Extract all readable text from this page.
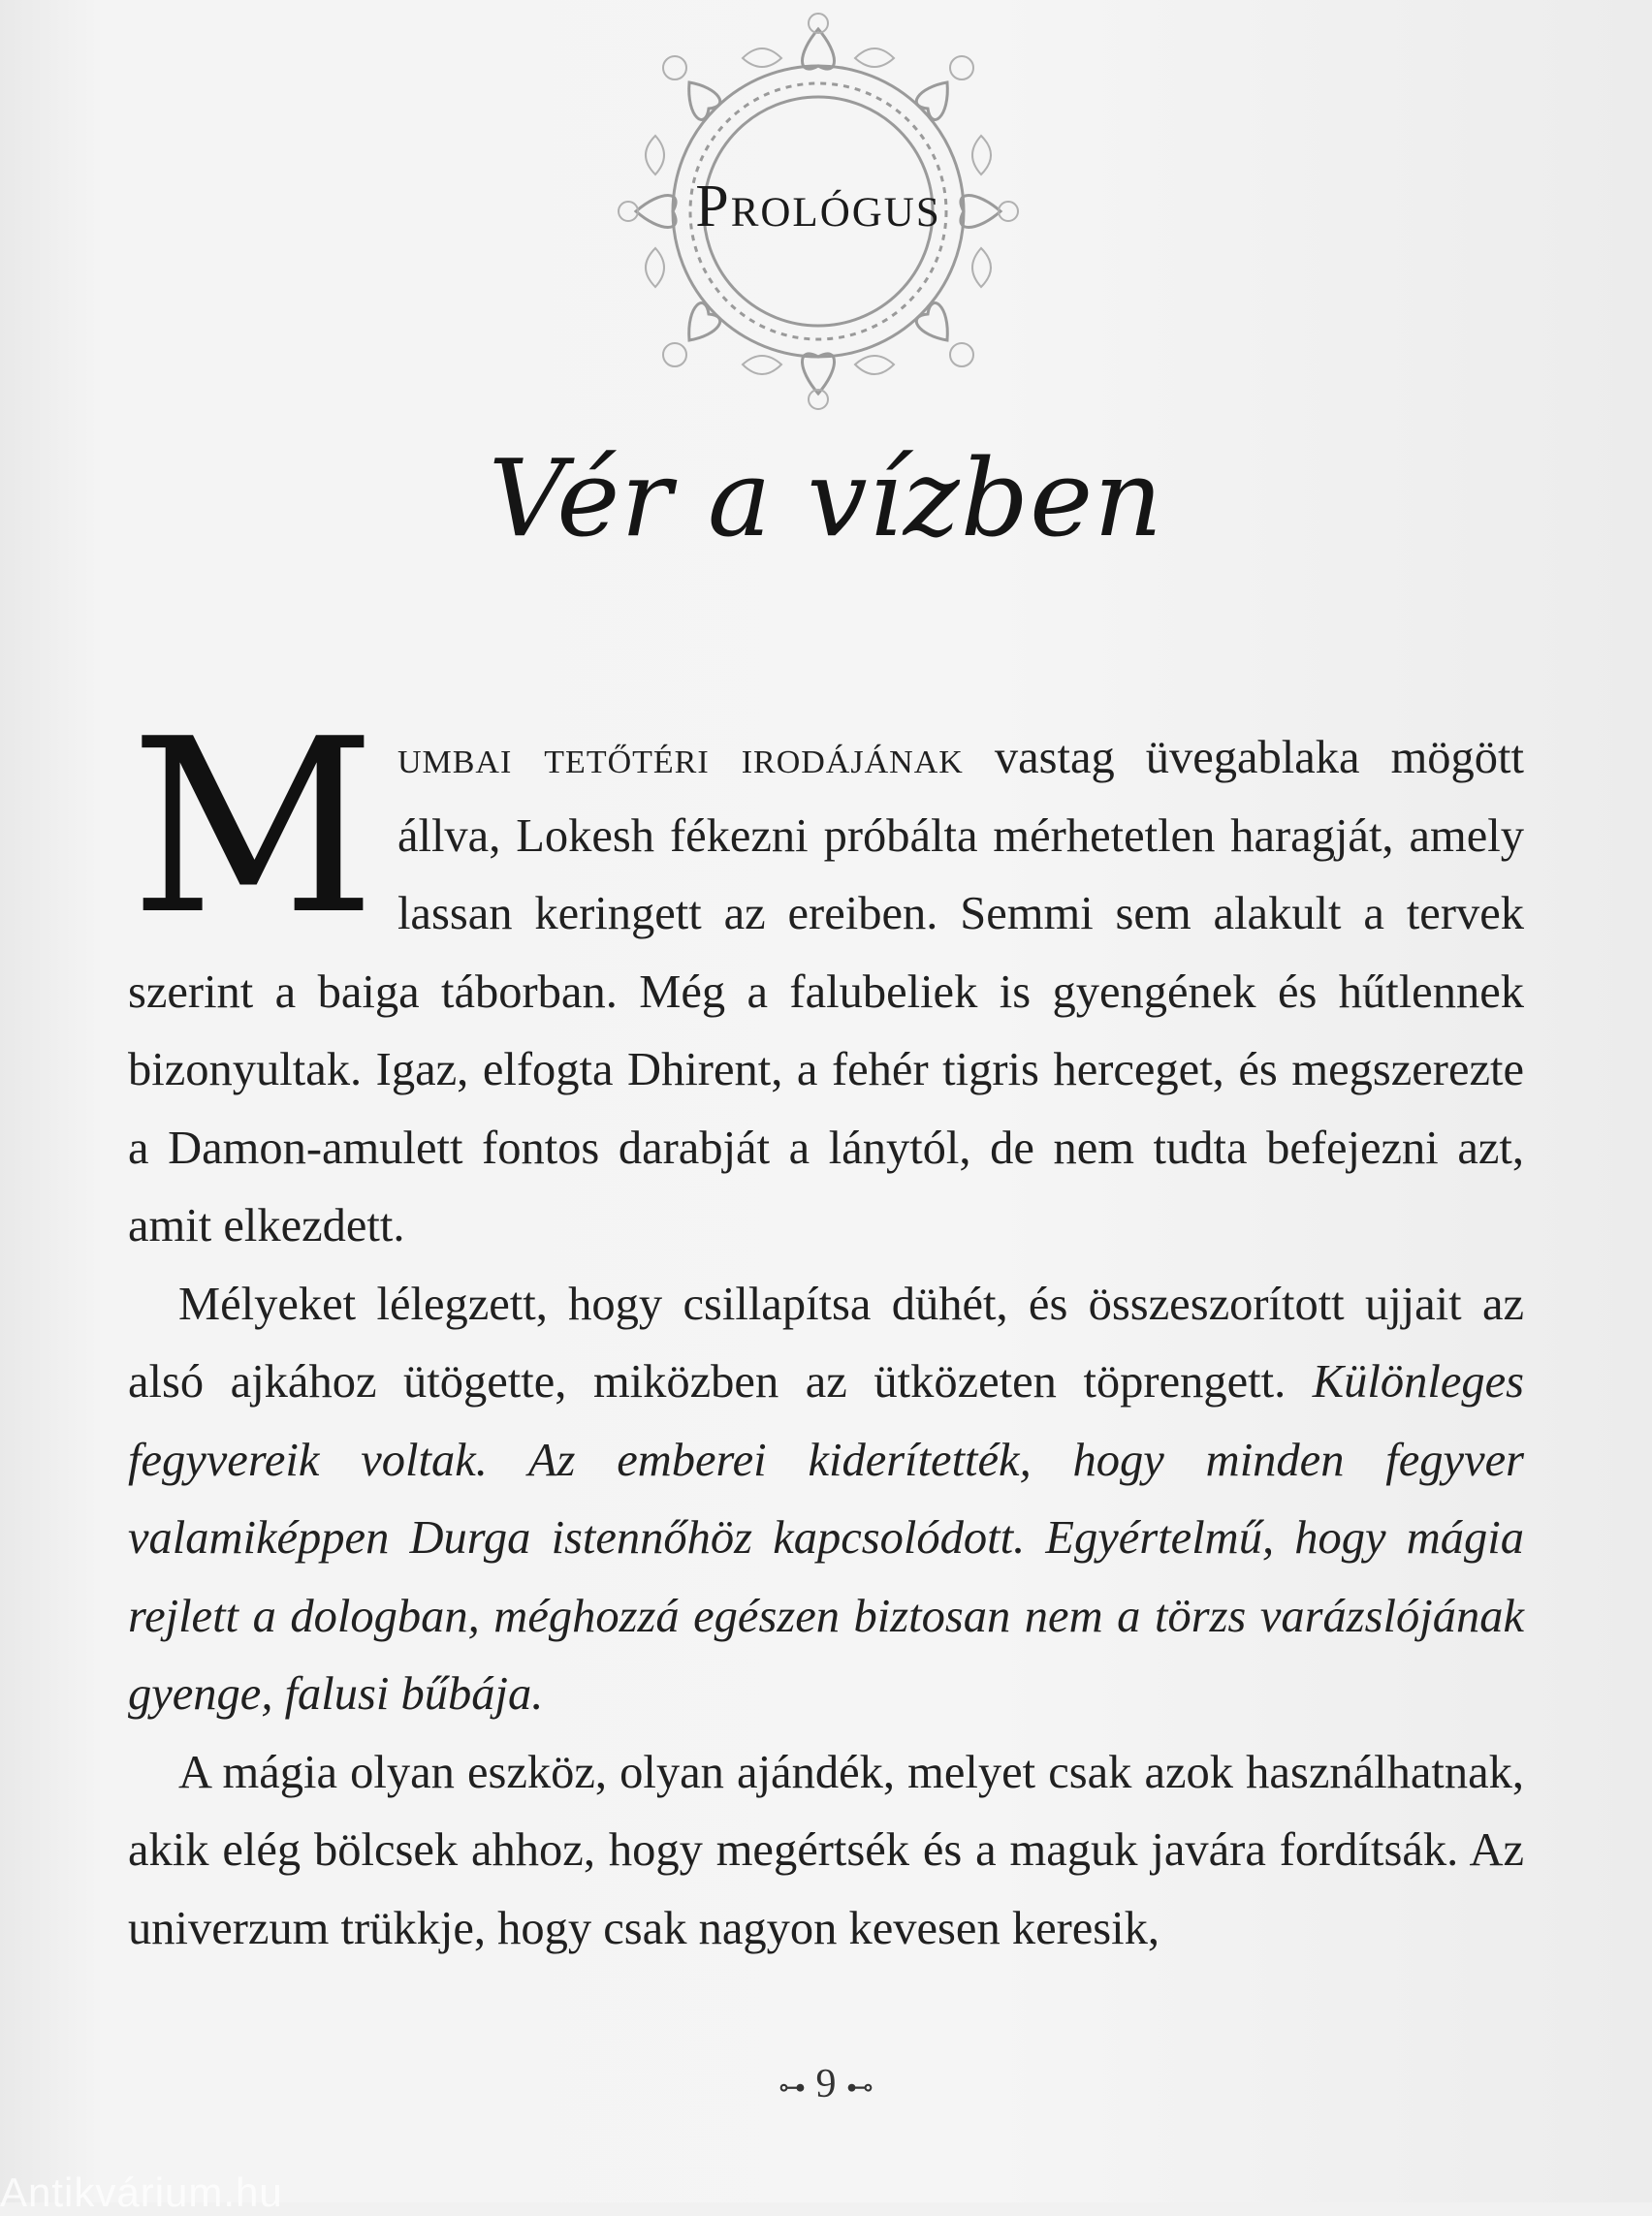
Prológus
Vér a vízben

Mumbai tetőtéri irodájának vastag üvegablaka mögött állva, Lokesh fékezni próbálta mérhetetlen haragját, amely lassan keringett az ereiben. Semmi sem alakult a tervek szerint a baiga táborban. Még a falubeliek is gyengének és hűtlennek bizonyultak. Igaz, elfogta Dhirent, a fehér tigris herceget, és megszerezte a Damon-amulett fontos darabját a lánytól, de nem tudta befejezni azt, amit elkezdett.

Mélyeket lélegzett, hogy csillapítsa dühét, és összeszorított ujjait az alsó ajkához ütögette, miközben az ütközeten töprengett. Különleges fegyvereik voltak. Az emberei kiderítették, hogy minden fegyver valamiképpen Durga istennőhöz kapcsolódott. Egyértelmű, hogy mágia rejlett a dologban, méghozzá egészen biztosan nem a törzs varázslójának gyenge, falusi bűbája.

A mágia olyan eszköz, olyan ajándék, melyet csak azok használhatnak, akik elég bölcsek ahhoz, hogy megértsék és a maguk javára fordítsák. Az univerzum trükkje, hogy csak nagyon kevesen keresik,

⊶ 9 ⊷
Antikvárium.hu
